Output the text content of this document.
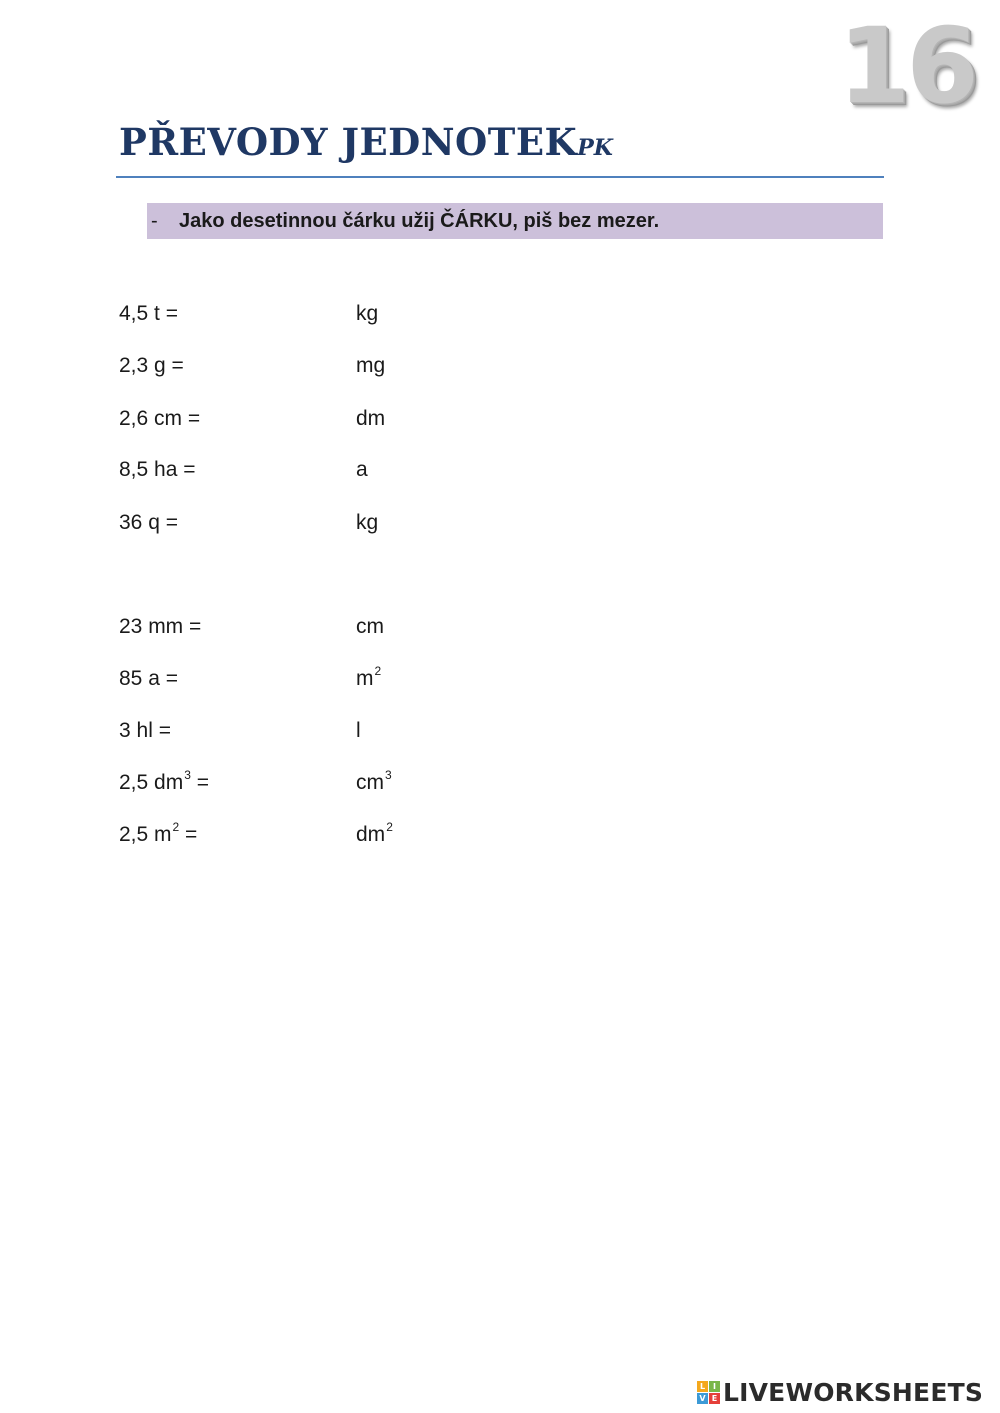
16
PŘEVODY JEDNOTEKPK
-	Jako desetinnou čárku užij ČÁRKU, piš bez mezer.
4,5 t =	kg
2,3 g =	mg
2,6 cm =	dm
8,5 ha =	a
36 q =	kg
23 mm =	cm
85 a =	$m^2$
3 hl =	l
2,5 $dm^3$ =	$cm^3$
2,5 $m^2$ =	$dm^2$
L I
V E LIVEWORKSHEETS
